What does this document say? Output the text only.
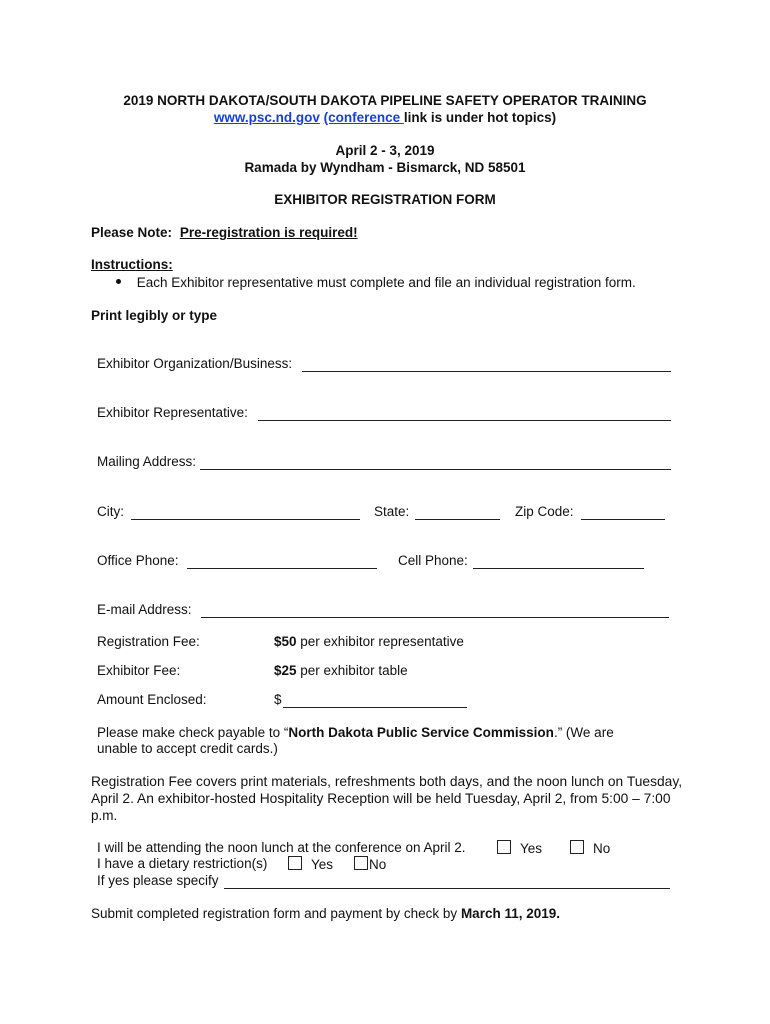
2019 NORTH DAKOTA/SOUTH DAKOTA PIPELINE SAFETY OPERATOR TRAINING
www.psc.nd.gov (conference link is under hot topics)
April 2 - 3, 2019
Ramada by Wyndham - Bismarck, ND 58501
EXHIBITOR REGISTRATION FORM
Please Note: Pre-registration is required!
Instructions:
Each Exhibitor representative must complete and file an individual registration form.
Print legibly or type
Exhibitor Organization/Business:
Exhibitor Representative:
Mailing Address:
City:	State:	Zip Code:
Office Phone:	Cell Phone:
E-mail Address:
Registration Fee:	$50 per exhibitor representative
Exhibitor Fee:	$25 per exhibitor table
Amount Enclosed:	$
Please make check payable to “North Dakota Public Service Commission.” (We are
unable to accept credit cards.)
Registration Fee covers print materials, refreshments both days, and the noon lunch on Tuesday,
April 2. An exhibitor-hosted Hospitality Reception will be held Tuesday, April 2, from 5:00 – 7:00
p.m.
I will be attending the noon lunch at the conference on April 2.	Yes	No
I have a dietary restriction(s)	Yes	No
If yes please specify
Submit completed registration form and payment by check by March 11, 2019.
